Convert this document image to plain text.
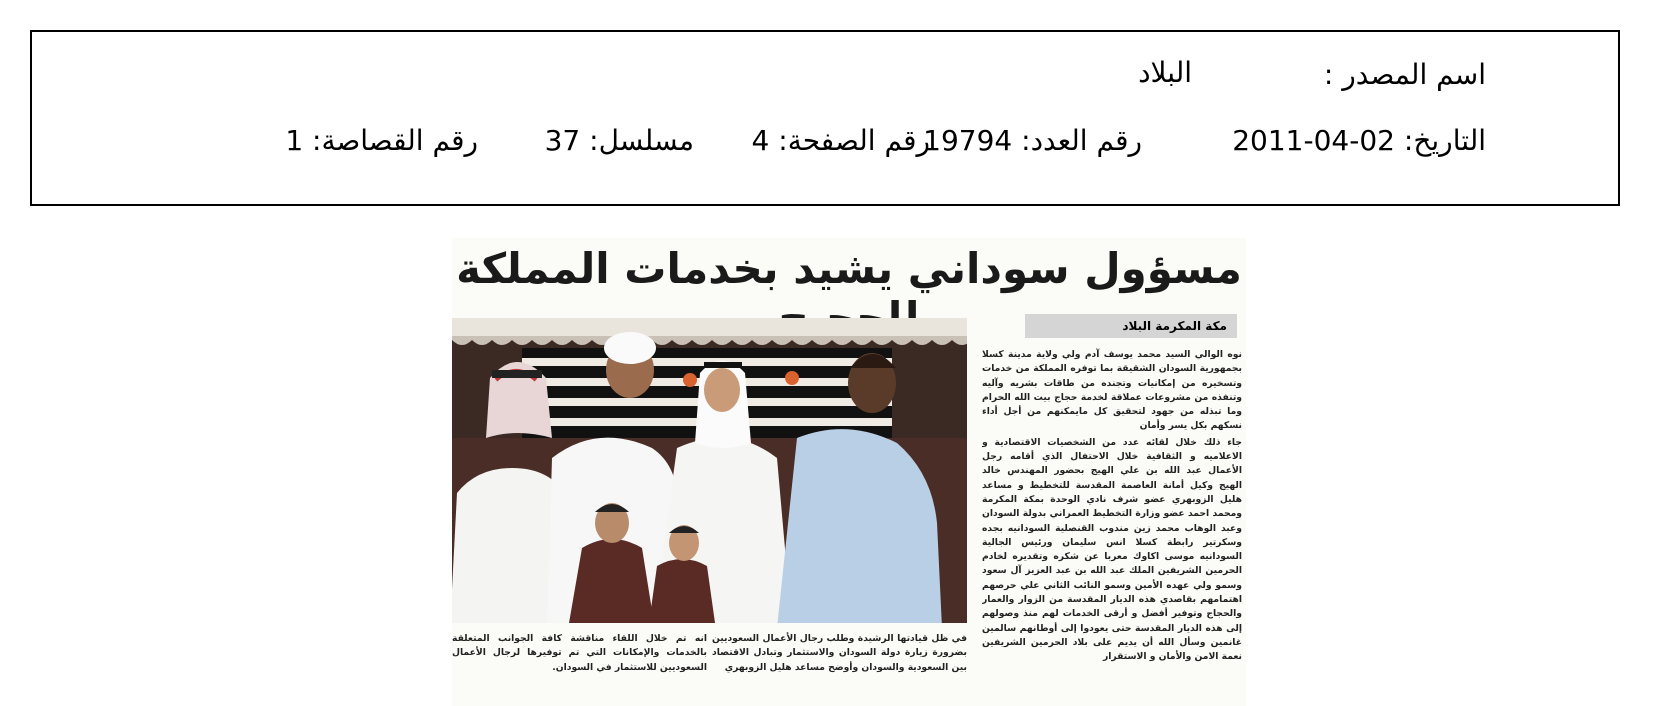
اسم المصدر :
البلاد
التاريخ: 02-04-2011
رقم العدد: 19794
رقم الصفحة: 4
مسلسل: 37
رقم القصاصة: 1
مسؤول سوداني يشيد بخدمات المملكة
مكة المكرمة البلاد

نوه الوالي السيد محمد يوسف آدم ولي ولاية مدينة كسلا بجمهورية السودان الشقيقة بما توفره المملكة من خدمات وتسخيره من إمكانيات وتجنده من طاقات بشريه وآليه وتنفذه من مشروعات عملاقة لخدمة حجاج بيت الله الحرام وما تبذله من جهود لتحقيق كل مايمكنهم من أجل أداء نسكهم بكل يسر وأمان

جاء ذلك خلال لقائه عدد من الشخصيات الاقتصادية و الاعلاميه و الثقافية خلال الاحتفال الذي أقامه رجل الأعمال عبد الله بن علي الهيج بحضور المهندس خالد الهيج وكيل أمانة العاصمة المقدسة للتخطيط و مساعد هليل الزوبهري عضو شرف نادي الوحدة بمكة المكرمة ومحمد احمد عضو وزارة التخطيط العمراني بدولة السودان وعبد الوهاب محمد زين مندوب القنصلية السودانيه بجده وسكرتير رابطة كسلا انس سليمان ورئيس الجالية السودانيه موسى اكاوك معربا عن شكره وتقديره لخادم الحرمين الشريفين الملك عبد الله بن عبد العزيز آل سعود وسمو ولي عهده الأمين وسمو النائب الثاني علي حرصهم اهتمامهم بقاصدي هذه الديار المقدسة من الزوار والعمار والحجاج وتوفير أفضل و أرقى الخدمات لهم منذ وصولهم إلى هذه الديار المقدسة حتى يعودوا إلى أوطانهم سالمين غانمين وسأل الله أن يديم على بلاد الحرمين الشريفين نعمة الامن والأمان و الاستقرار

في ظل قيادتها الرشيدة وطلب رجال الأعمال السعوديين بضرورة زيارة دولة السودان والاستثمار وتبادل الاقتصاد بين السعودية والسودان وأوضح مساعد هليل الزوبهري
انه تم خلال اللقاء مناقشة كافة الجوانب المتعلقة بالخدمات والإمكانات التي تم توفيرها لرجال الأعمال السعوديين للاستثمار في السودان.
